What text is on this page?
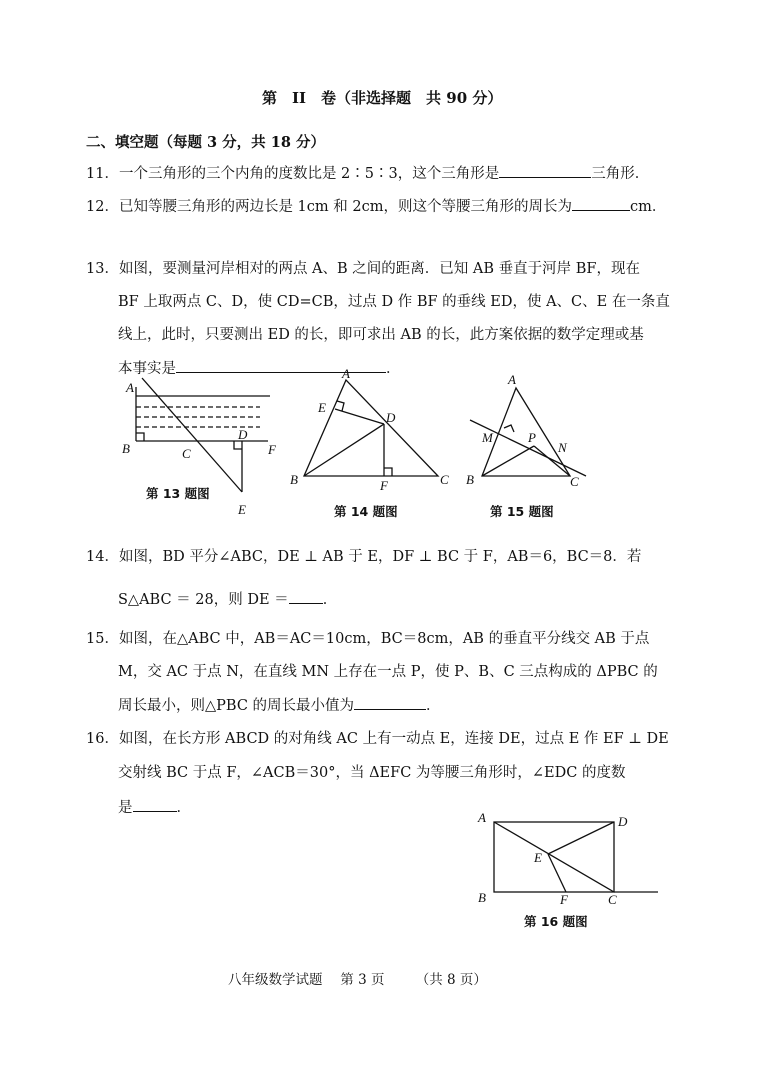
第　II　卷（非选择题　共 90 分）
二、填空题（每题 3 分，共 18 分）
11．一个三角形的三个内角的度数比是 2∶5∶3，这个三角形是	三角形．
12．已知等腰三角形的两边长是 1cm 和 2cm，则这个等腰三角形的周长为	cm．
13．如图，要测量河岸相对的两点 A、B 之间的距离．已知 AB 垂直于河岸 BF，现在
BF 上取两点 C、D，使 CD=CB，过点 D 作 BF 的垂线 ED，使 A、C、E 在一条直
线上，此时，只要测出 ED 的长，即可求出 AB 的长，此方案依据的数学定理或基
本事实是	．
A
B	C
D
E
F
第 13 题图
A
E
D
B	F	C
第 14 题图
A
M	P
N
B	C
第 15 题图
14．如图，BD 平分∠ABC，DE ⊥ AB 于 E，DF ⊥ BC 于 F，AB＝6，BC＝8．若
S△ABC ＝ 28，则 DE ＝ ．
15．如图，在△ABC 中，AB＝AC＝10cm，BC＝8cm，AB 的垂直平分线交 AB 于点
M，交 AC 于点 N，在直线 MN 上存在一点 P，使 P、B、C 三点构成的 ΔPBC 的
周长最小，则△PBC 的周长最小值为	．
16．如图，在长方形 ABCD 的对角线 AC 上有一动点 E，连接 DE，过点 E 作 EF ⊥ DE
交射线 BC 于点 F，∠ACB＝30°，当 ΔEFC 为等腰三角形时，∠EDC 的度数
是	．
A	D
E
B	F	C
第 16 题图
八年级数学试题　 第 3 页　　 （共 8 页）
